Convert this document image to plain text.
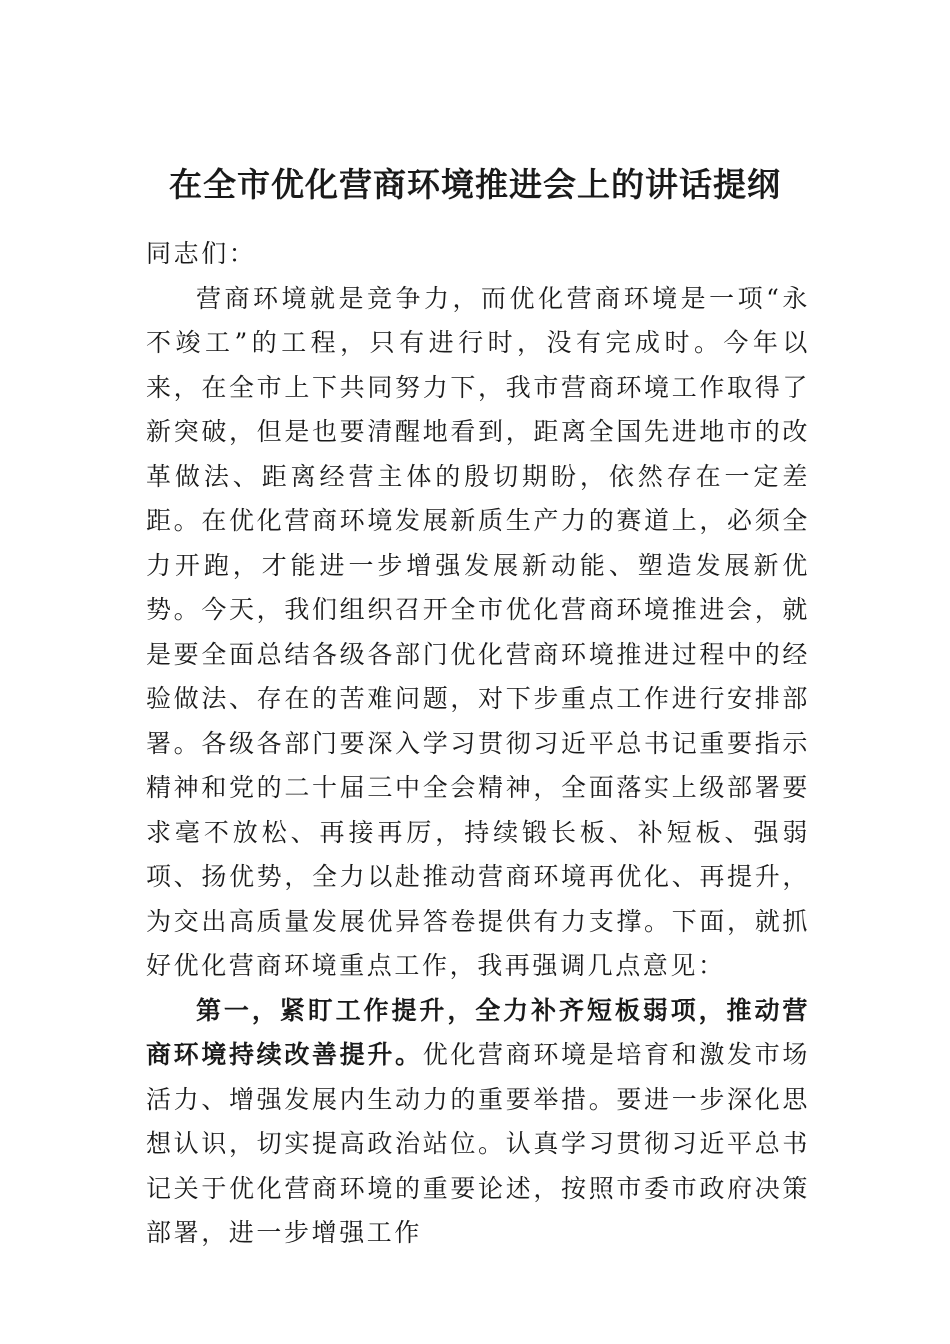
在全市优化营商环境推进会上的讲话提纲

同志们：

营商环境就是竞争力，而优化营商环境是一项“永不竣工”的工程，只有进行时，没有完成时。今年以来，在全市上下共同努力下，我市营商环境工作取得了新突破，但是也要清醒地看到，距离全国先进地市的改革做法、距离经营主体的殷切期盼，依然存在一定差距。在优化营商环境发展新质生产力的赛道上，必须全力开跑，才能进一步增强发展新动能、塑造发展新优势。今天，我们组织召开全市优化营商环境推进会，就是要全面总结各级各部门优化营商环境推进过程中的经验做法、存在的苦难问题，对下步重点工作进行安排部署。各级各部门要深入学习贯彻习近平总书记重要指示精神和党的二十届三中全会精神，全面落实上级部署要求毫不放松、再接再厉，持续锻长板、补短板、强弱项、扬优势，全力以赴推动营商环境再优化、再提升，为交出高质量发展优异答卷提供有力支撑。下面，就抓好优化营商环境重点工作，我再强调几点意见：

第一，紧盯工作提升，全力补齐短板弱项，推动营商环境持续改善提升。优化营商环境是培育和激发市场活力、增强发展内生动力的重要举措。要进一步深化思想认识，切实提高政治站位。认真学习贯彻习近平总书记关于优化营商环境的重要论述，按照市委市政府决策部署，进一步增强工作
